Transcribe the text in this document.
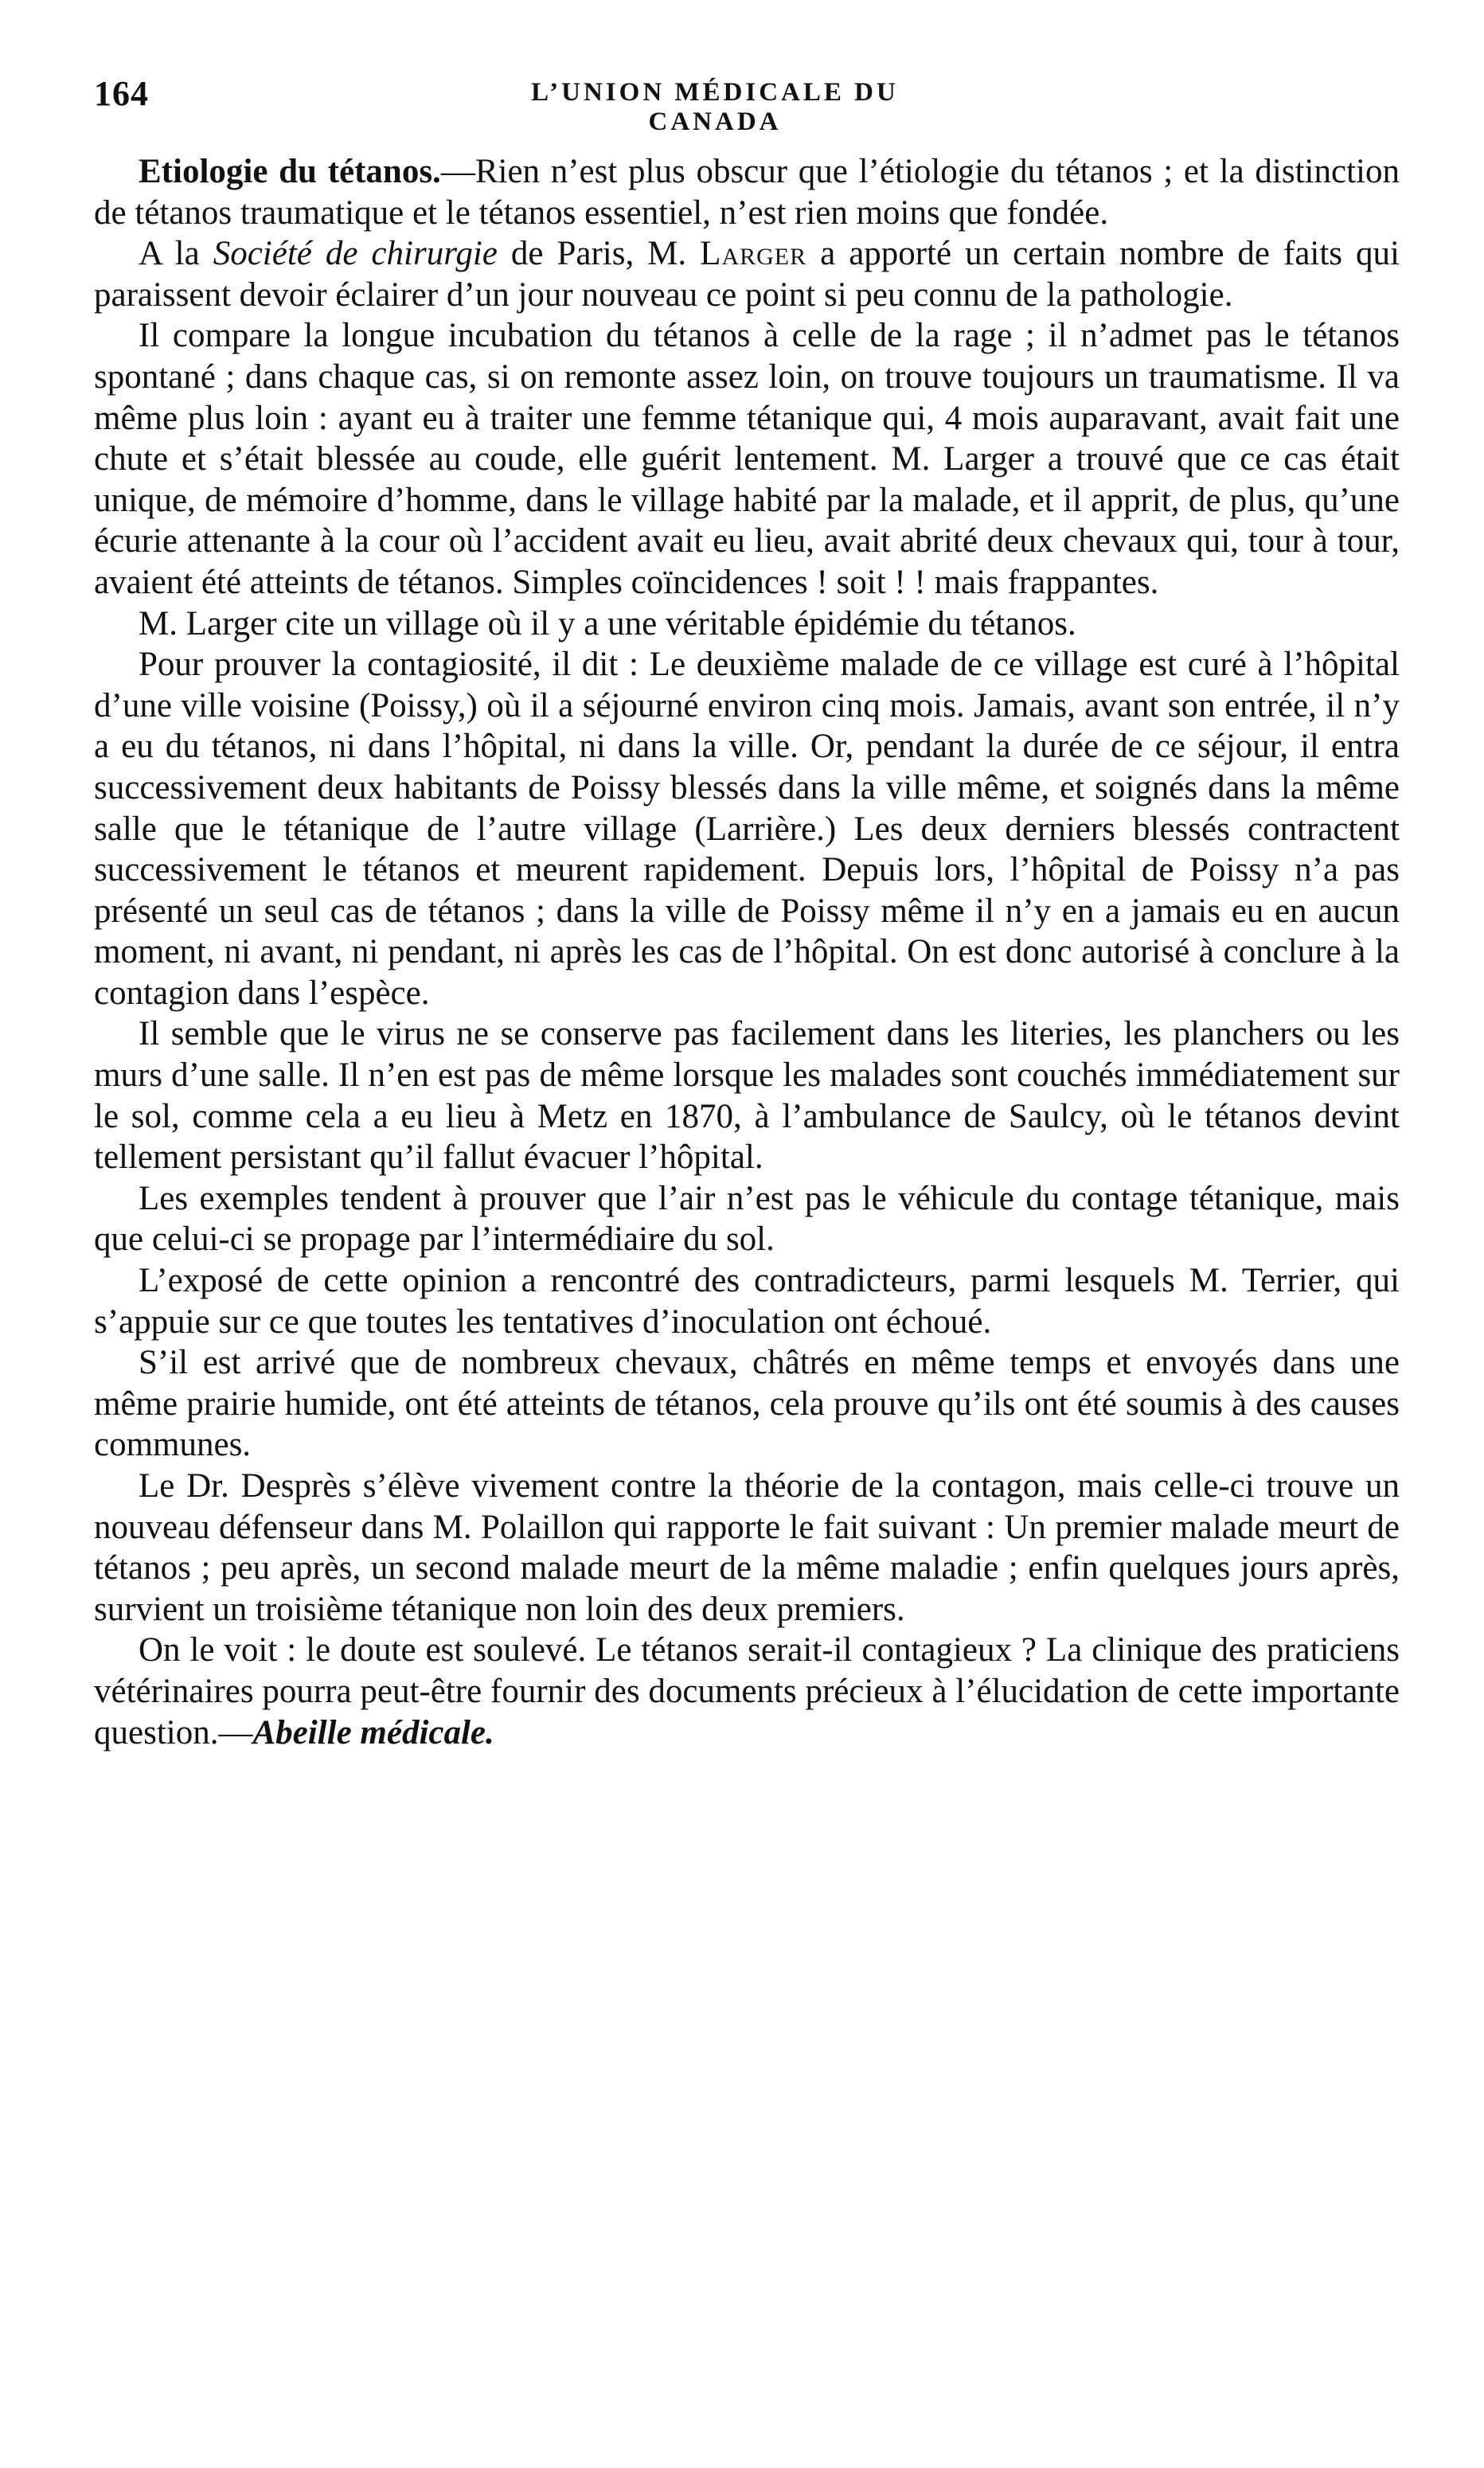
164	L’UNION MÉDICALE DU CANADA

Etiologie du tétanos.—Rien n’est plus obscur que l’étiologie du tétanos ; et la distinction de tétanos traumatique et le tétanos essentiel, n’est rien moins que fondée.

A la Société de chirurgie de Paris, M. Larger a apporté un certain nombre de faits qui paraissent devoir éclairer d’un jour nouveau ce point si peu connu de la pathologie.

Il compare la longue incubation du tétanos à celle de la rage ; il n’admet pas le tétanos spontané ; dans chaque cas, si on remonte assez loin, on trouve toujours un traumatisme. Il va même plus loin : ayant eu à traiter une femme tétanique qui, 4 mois auparavant, avait fait une chute et s’était blessée au coude, elle guérit lentement. M. Larger a trouvé que ce cas était unique, de mémoire d’homme, dans le village habité par la malade, et il apprit, de plus, qu’une écurie attenante à la cour où l’accident avait eu lieu, avait abrité deux chevaux qui, tour à tour, avaient été atteints de tétanos. Simples coïncidences ! soit ! ! mais frappantes.

M. Larger cite un village où il y a une véritable épidémie du tétanos.

Pour prouver la contagiosité, il dit : Le deuxième malade de ce village est curé à l’hôpital d’une ville voisine (Poissy,) où il a séjourné environ cinq mois. Jamais, avant son entrée, il n’y a eu du tétanos, ni dans l’hôpital, ni dans la ville. Or, pendant la durée de ce séjour, il entra successivement deux habitants de Poissy blessés dans la ville même, et soignés dans la même salle que le tétanique de l’autre village (Larrière.) Les deux derniers blessés contractent successivement le tétanos et meurent rapidement. Depuis lors, l’hôpital de Poissy n’a pas présenté un seul cas de tétanos ; dans la ville de Poissy même il n’y en a jamais eu en aucun moment, ni avant, ni pendant, ni après les cas de l’hôpital. On est donc autorisé à conclure à la contagion dans l’espèce.

Il semble que le virus ne se conserve pas facilement dans les literies, les planchers ou les murs d’une salle. Il n’en est pas de même lorsque les malades sont couchés immédiatement sur le sol, comme cela a eu lieu à Metz en 1870, à l’ambulance de Saulcy, où le tétanos devint tellement persistant qu’il fallut évacuer l’hôpital.

Les exemples tendent à prouver que l’air n’est pas le véhicule du contage tétanique, mais que celui-ci se propage par l’intermédiaire du sol.

L’exposé de cette opinion a rencontré des contradicteurs, parmi lesquels M. Terrier, qui s’appuie sur ce que toutes les tentatives d’inoculation ont échoué.

S’il est arrivé que de nombreux chevaux, châtrés en même temps et envoyés dans une même prairie humide, ont été atteints de tétanos, cela prouve qu’ils ont été soumis à des causes communes.

Le Dr. Desprès s’élève vivement contre la théorie de la contagon, mais celle-ci trouve un nouveau défenseur dans M. Polaillon qui rapporte le fait suivant : Un premier malade meurt de tétanos ; peu après, un second malade meurt de la même maladie ; enfin quelques jours après, survient un troisième tétanique non loin des deux premiers.

On le voit : le doute est soulevé. Le tétanos serait-il contagieux ? La clinique des praticiens vétérinaires pourra peut-être fournir des documents précieux à l’élucidation de cette importante question.—Abeille médicale.
